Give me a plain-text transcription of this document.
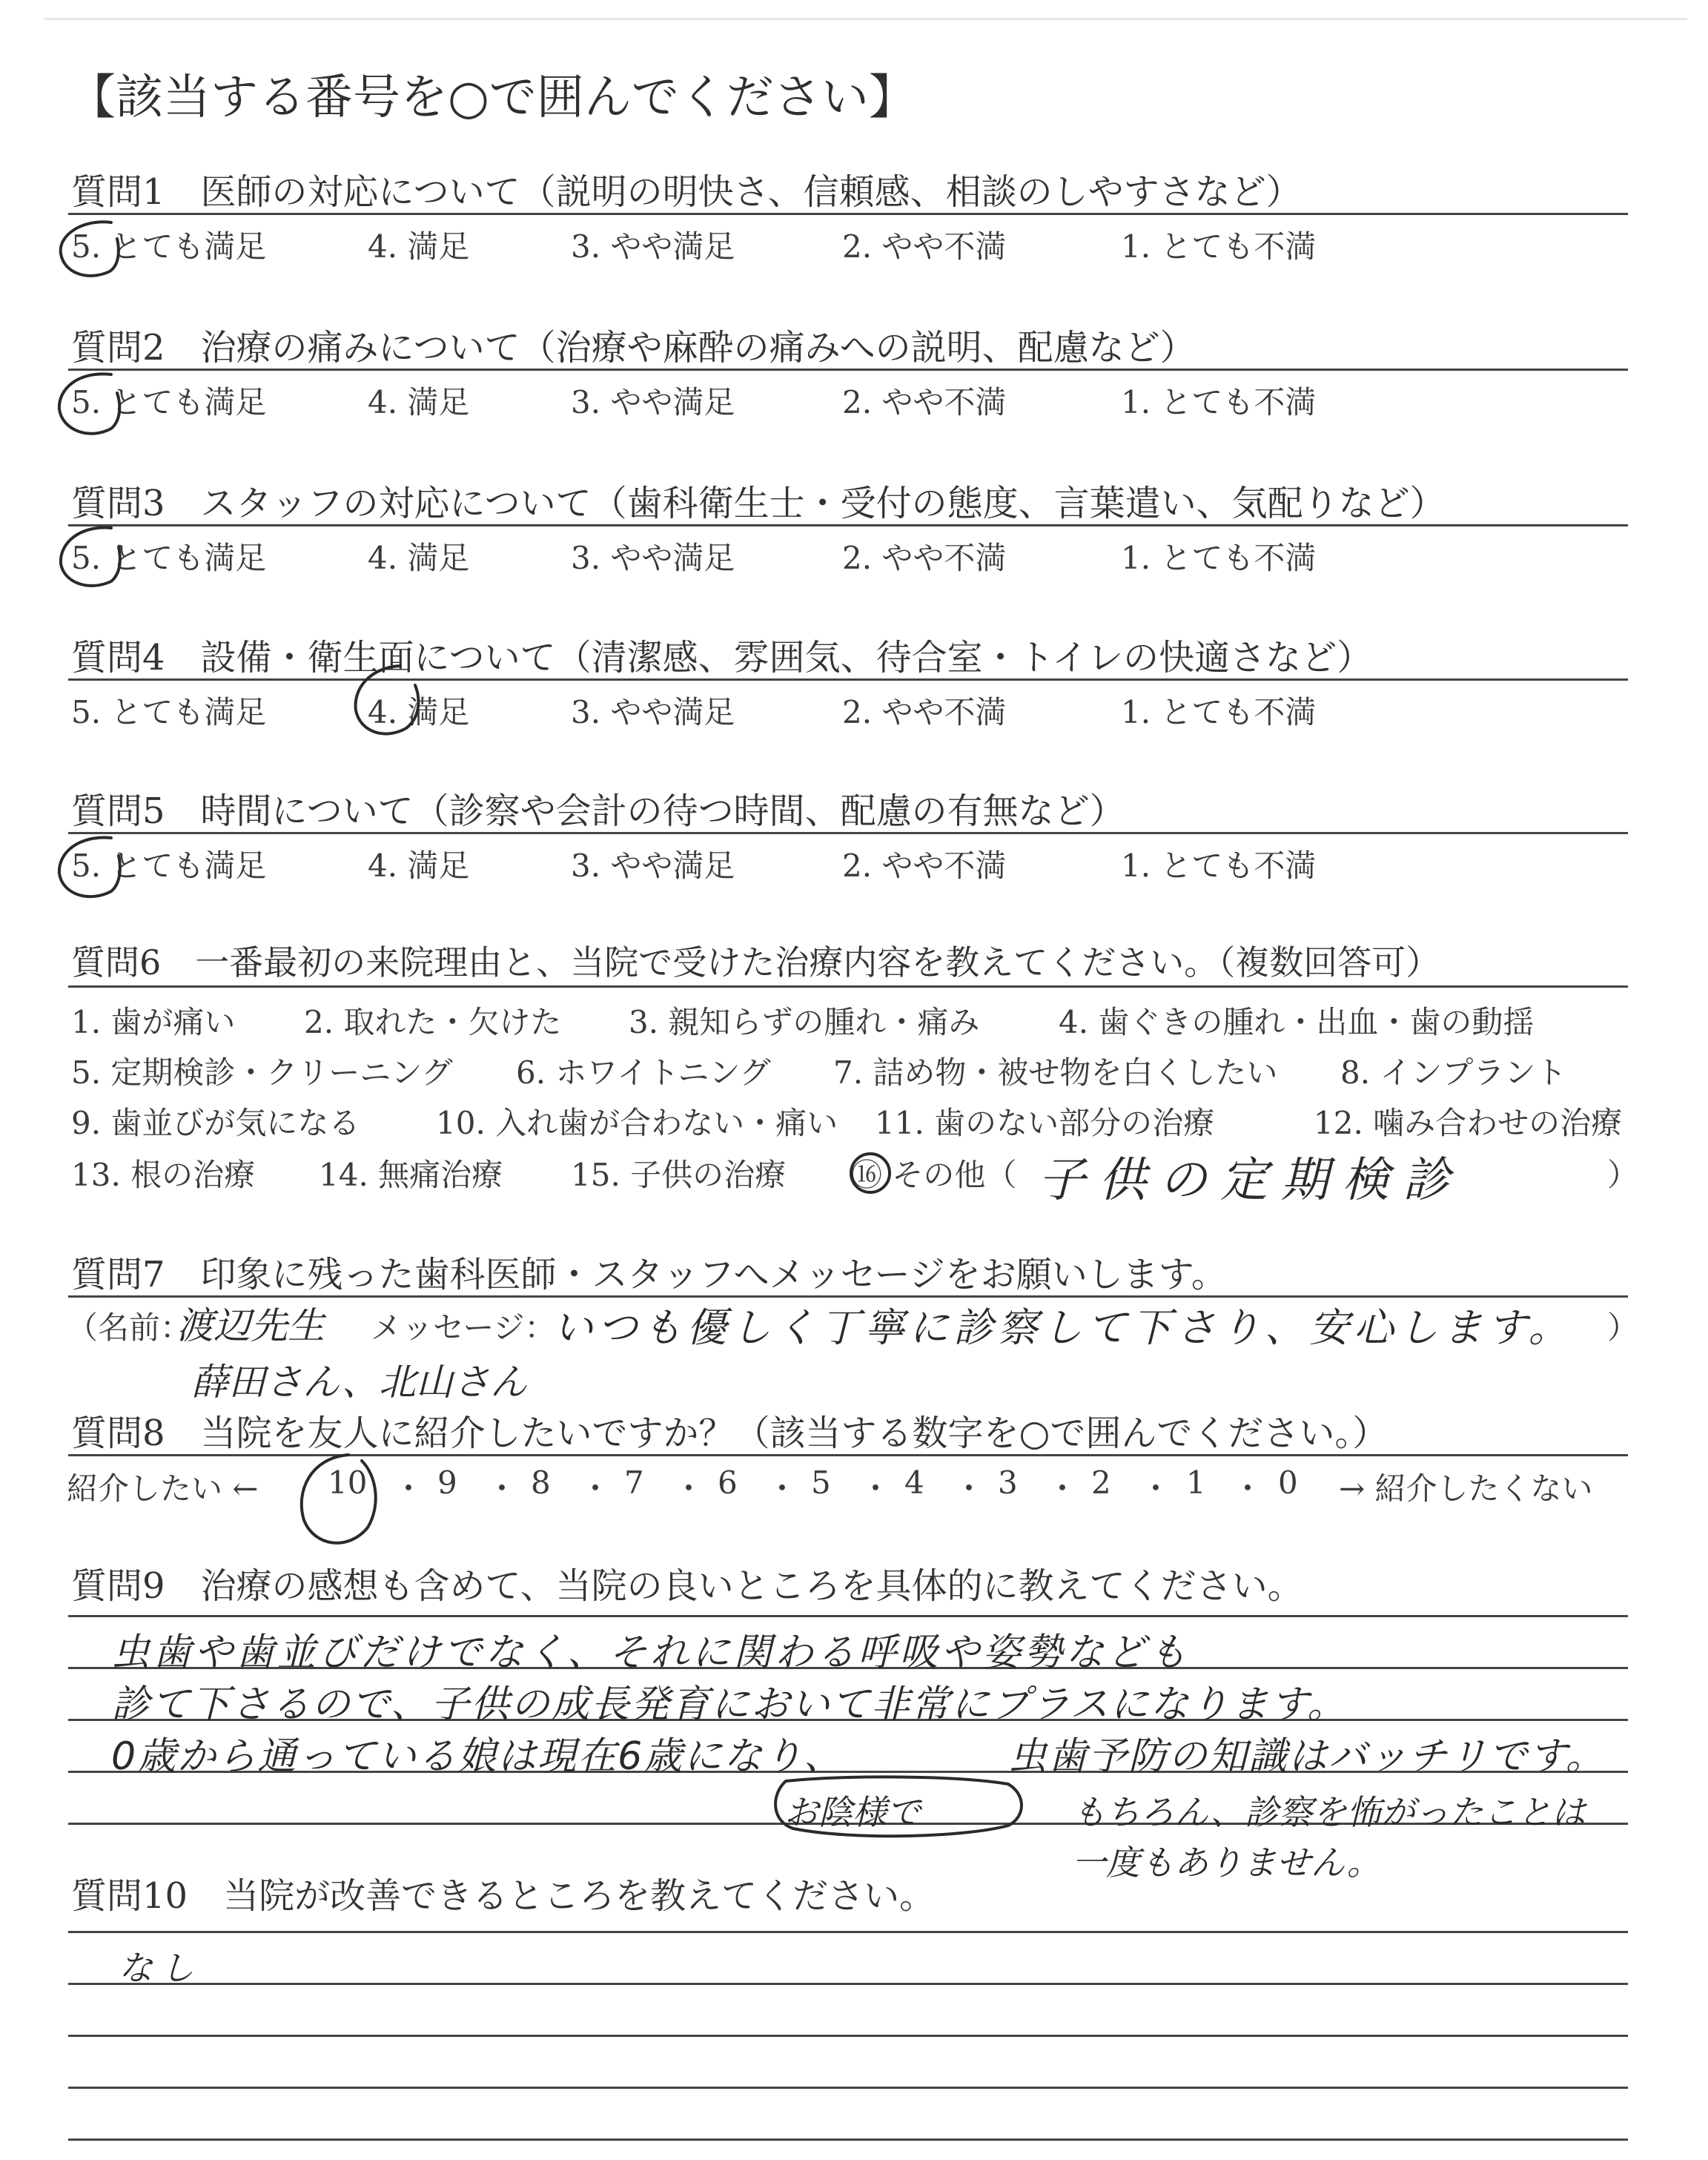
【該当する番号を○で囲んでください】
質問1　医師の対応について（説明の明快さ、信頼感、相談のしやすさなど）
5. とても満足	4. 満足	3. やや満足	2. やや不満	1. とても不満
質問2　治療の痛みについて（治療や麻酔の痛みへの説明、配慮など）
5. とても満足	4. 満足	3. やや満足	2. やや不満	1. とても不満
質問3　スタッフの対応について（歯科衛生士・受付の態度、言葉遣い、気配りなど）
5. とても満足	4. 満足	3. やや満足	2. やや不満	1. とても不満
質問4　設備・衛生面について（清潔感、雰囲気、待合室・トイレの快適さなど）
5. とても満足	4. 満足	3. やや満足	2. やや不満	1. とても不満
質問5　時間について（診察や会計の待つ時間、配慮の有無など）
5. とても満足	4. 満足	3. やや満足	2. やや不満	1. とても不満
質問6　一番最初の来院理由と、当院で受けた治療内容を教えてください。（複数回答可）
1. 歯が痛い 2. 取れた・欠けた 3. 親知らずの腫れ・痛み	4. 歯ぐきの腫れ・出血・歯の動揺
5. 定期検診・クリーニング 6. ホワイトニング 7. 詰め物・被せ物を白くしたい 8. インプラント
9. 歯並びが気になる 10. 入れ歯が合わない・痛い 11. 歯のない部分の治療	12. 噛み合わせの治療
13. 根の治療 14. 無痛治療 15. 子供の治療 ⑯ その他（ 子供の定期検診	）
質問7　印象に残った歯科医師・スタッフへメッセージをお願いします。
（名前：
渡辺先生 メッセージ：
いつも優しく丁寧に診察して下さり、安心します。 ）
薛田さん、北山さん
質問8　当院を友人に紹介したいですか？（該当する数字を○で囲んでください。）
紹介したい ← 10 ・ 9 ・ 8 ・ 7 ・ 6 ・ 5 ・ 4 ・ 3 ・ 2 ・ 1 ・ 0 → 紹介したくない
質問9　治療の感想も含めて、当院の良いところを具体的に教えてください。
虫歯や歯並びだけでなく、それに関わる呼吸や姿勢なども
診て下さるので、子供の成長発育において非常にプラスになります。
0歳から通っている娘は現在6歳になり、	虫歯予防の知識はバッチリです。
お陰様で	もちろん、診察を怖がったことは
一度もありません。
質問10　当院が改善できるところを教えてください。
なし
